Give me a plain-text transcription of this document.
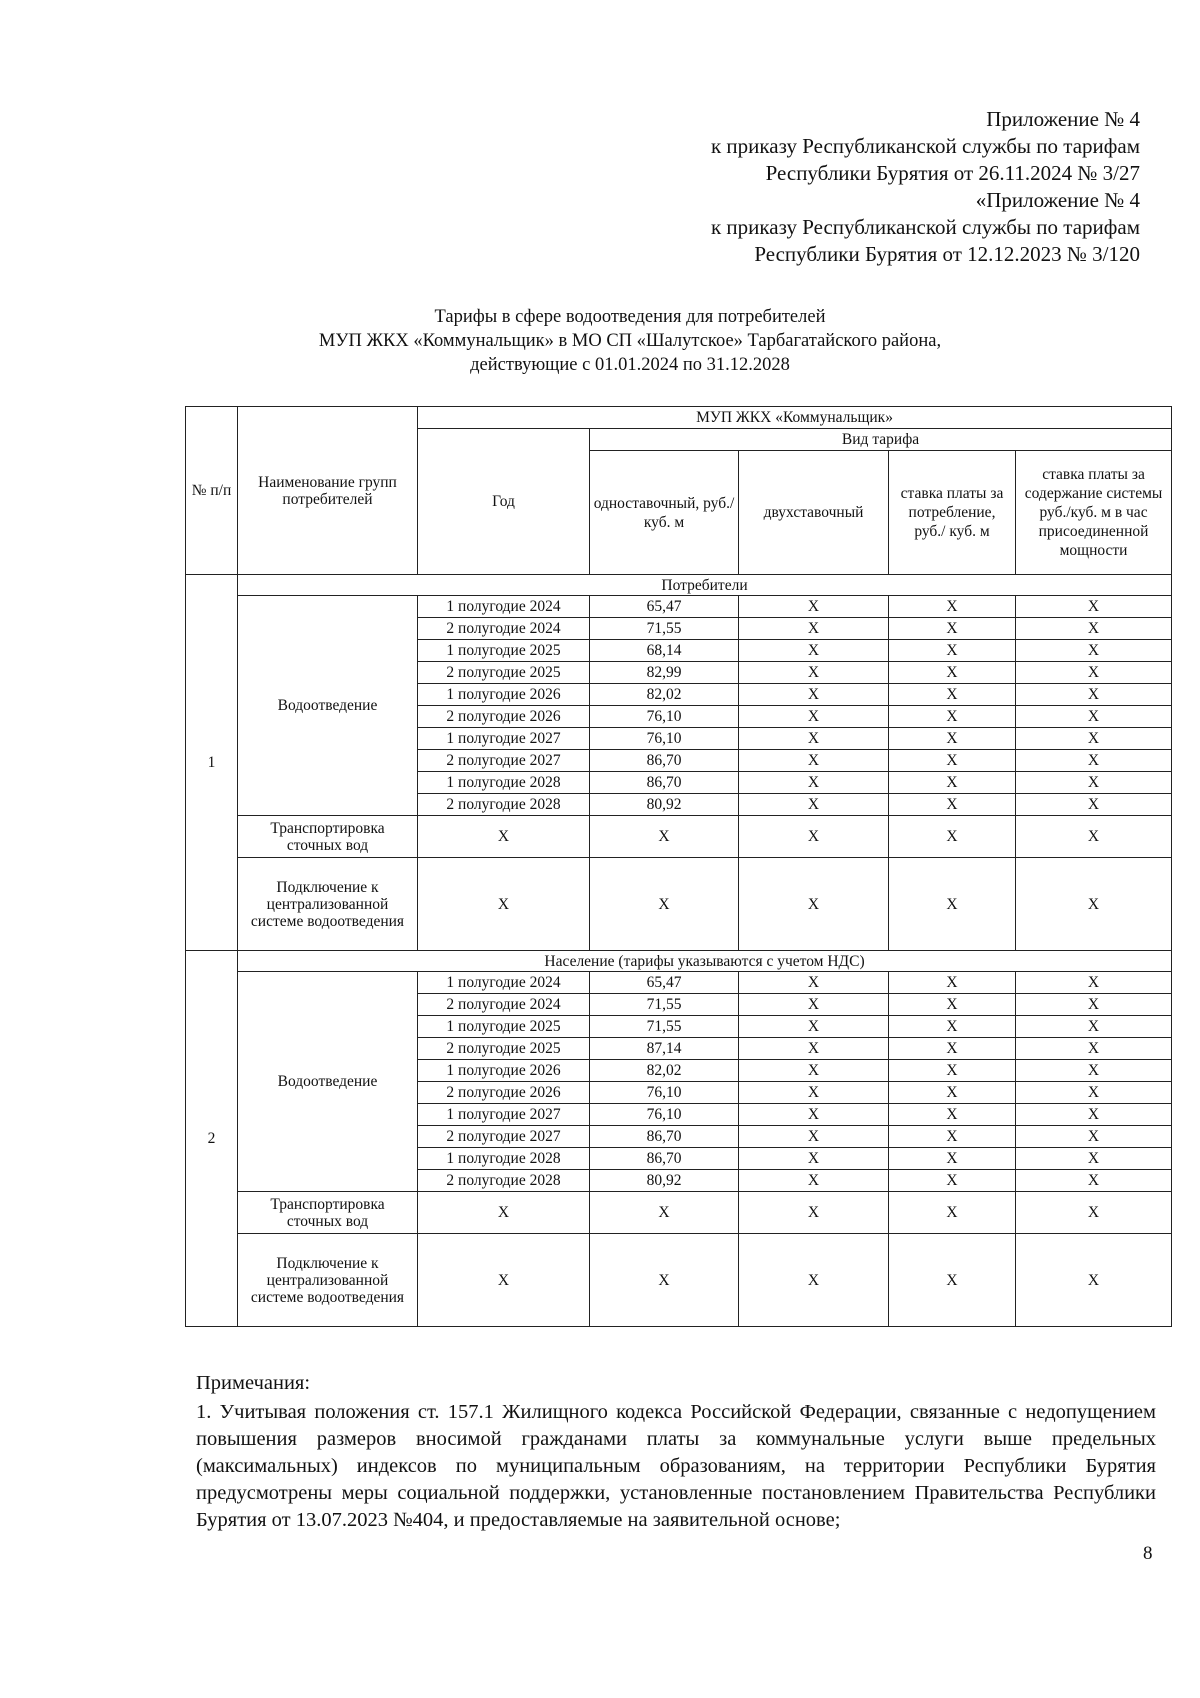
Приложение № 4
к приказу Республиканской службы по тарифам
Республики Бурятия от 26.11.2024 № 3/27
«Приложение № 4
к приказу Республиканской службы по тарифам
Республики Бурятия от 12.12.2023 № 3/120
Тарифы в сфере водоотведения для потребителей
МУП ЖКХ «Коммунальщик» в МО СП «Шалутское» Тарбагатайского района,
действующие с 01.01.2024 по 31.12.2028
№ п/п	Наименование групп потребителей	МУП ЖКХ «Коммунальщик»				
		Год	Вид тарифа			
			одноставочный, руб./ куб. м	двухставочный	ставка платы за потребление, руб./ куб. м	ставка платы за содержание системы руб./куб. м в час присоединенной мощности
1	Потребители					
	Водоотведение	1 полугодие 2024	65,47	Х	Х	Х
		2 полугодие 2024	71,55	Х	Х	Х
		1 полугодие 2025	68,14	Х	Х	Х
		2 полугодие 2025	82,99	Х	Х	Х
		1 полугодие 2026	82,02	Х	Х	Х
		2 полугодие 2026	76,10	Х	Х	Х
		1 полугодие 2027	76,10	Х	Х	Х
		2 полугодие 2027	86,70	Х	Х	Х
		1 полугодие 2028	86,70	Х	Х	Х
		2 полугодие 2028	80,92	Х	Х	Х
	Транспортировка сточных вод	Х	Х	Х	Х	Х
	Подключение к централизованной системе водоотведения	Х	Х	Х	Х	Х
2	Население (тарифы указываются с учетом НДС)					
	Водоотведение	1 полугодие 2024	65,47	Х	Х	Х
		2 полугодие 2024	71,55	Х	Х	Х
		1 полугодие 2025	71,55	Х	Х	Х
		2 полугодие 2025	87,14	Х	Х	Х
		1 полугодие 2026	82,02	Х	Х	Х
		2 полугодие 2026	76,10	Х	Х	Х
		1 полугодие 2027	76,10	Х	Х	Х
		2 полугодие 2027	86,70	Х	Х	Х
		1 полугодие 2028	86,70	Х	Х	Х
		2 полугодие 2028	80,92	Х	Х	Х
	Транспортировка сточных вод	Х	Х	Х	Х	Х
	Подключение к централизованной системе водоотведения	Х	Х	Х	Х	Х
Примечания:
1. Учитывая положения ст. 157.1 Жилищного кодекса Российской Федерации, связанные с недопущением повышения размеров вносимой гражданами платы за коммунальные услуги выше предельных (максимальных) индексов по муниципальным образованиям, на территории Республики Бурятия предусмотрены меры социальной поддержки, установленные постановлением Правительства Республики Бурятия от 13.07.2023 №404, и предоставляемые на заявительной основе;
8
